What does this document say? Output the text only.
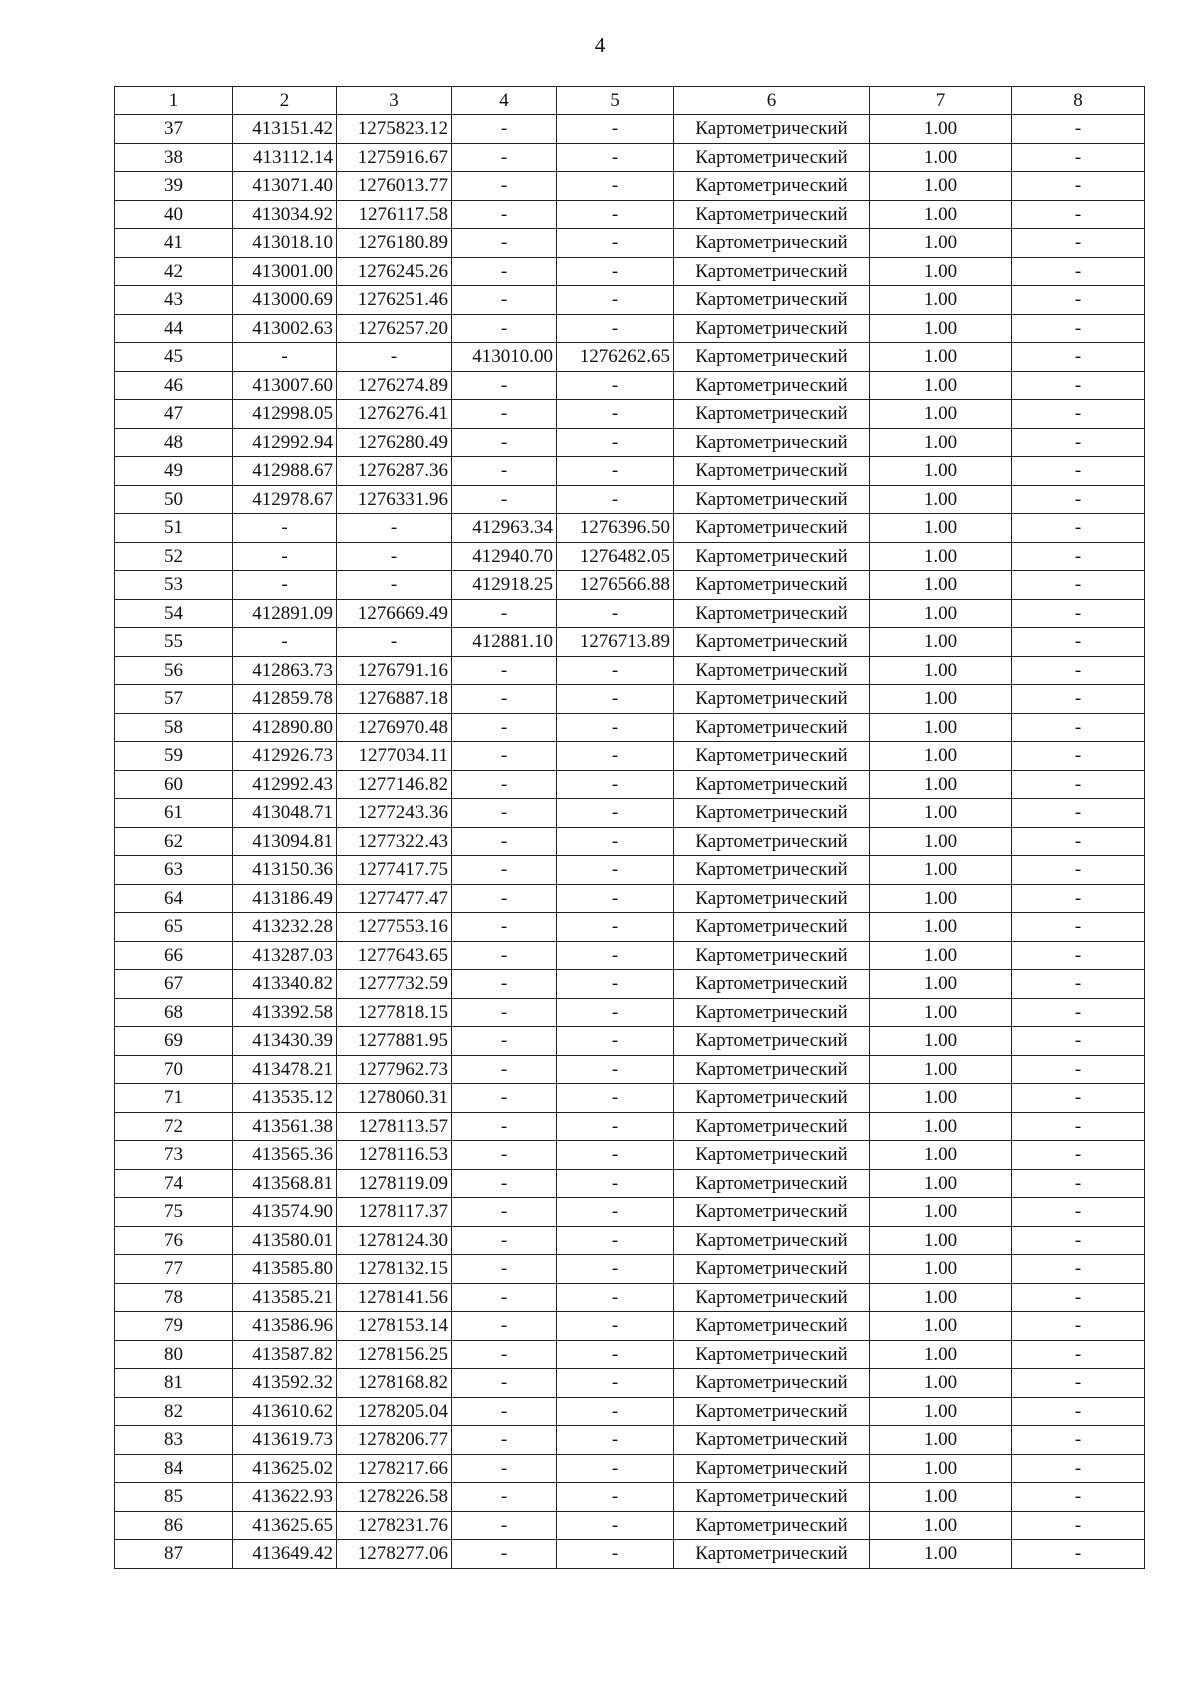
4
1	2	3	4	5	6	7	8
37	413151.42	1275823.12	-	-	Картометрический	1.00	-
38	413112.14	1275916.67	-	-	Картометрический	1.00	-
39	413071.40	1276013.77	-	-	Картометрический	1.00	-
40	413034.92	1276117.58	-	-	Картометрический	1.00	-
41	413018.10	1276180.89	-	-	Картометрический	1.00	-
42	413001.00	1276245.26	-	-	Картометрический	1.00	-
43	413000.69	1276251.46	-	-	Картометрический	1.00	-
44	413002.63	1276257.20	-	-	Картометрический	1.00	-
45	-	-	413010.00	1276262.65	Картометрический	1.00	-
46	413007.60	1276274.89	-	-	Картометрический	1.00	-
47	412998.05	1276276.41	-	-	Картометрический	1.00	-
48	412992.94	1276280.49	-	-	Картометрический	1.00	-
49	412988.67	1276287.36	-	-	Картометрический	1.00	-
50	412978.67	1276331.96	-	-	Картометрический	1.00	-
51	-	-	412963.34	1276396.50	Картометрический	1.00	-
52	-	-	412940.70	1276482.05	Картометрический	1.00	-
53	-	-	412918.25	1276566.88	Картометрический	1.00	-
54	412891.09	1276669.49	-	-	Картометрический	1.00	-
55	-	-	412881.10	1276713.89	Картометрический	1.00	-
56	412863.73	1276791.16	-	-	Картометрический	1.00	-
57	412859.78	1276887.18	-	-	Картометрический	1.00	-
58	412890.80	1276970.48	-	-	Картометрический	1.00	-
59	412926.73	1277034.11	-	-	Картометрический	1.00	-
60	412992.43	1277146.82	-	-	Картометрический	1.00	-
61	413048.71	1277243.36	-	-	Картометрический	1.00	-
62	413094.81	1277322.43	-	-	Картометрический	1.00	-
63	413150.36	1277417.75	-	-	Картометрический	1.00	-
64	413186.49	1277477.47	-	-	Картометрический	1.00	-
65	413232.28	1277553.16	-	-	Картометрический	1.00	-
66	413287.03	1277643.65	-	-	Картометрический	1.00	-
67	413340.82	1277732.59	-	-	Картометрический	1.00	-
68	413392.58	1277818.15	-	-	Картометрический	1.00	-
69	413430.39	1277881.95	-	-	Картометрический	1.00	-
70	413478.21	1277962.73	-	-	Картометрический	1.00	-
71	413535.12	1278060.31	-	-	Картометрический	1.00	-
72	413561.38	1278113.57	-	-	Картометрический	1.00	-
73	413565.36	1278116.53	-	-	Картометрический	1.00	-
74	413568.81	1278119.09	-	-	Картометрический	1.00	-
75	413574.90	1278117.37	-	-	Картометрический	1.00	-
76	413580.01	1278124.30	-	-	Картометрический	1.00	-
77	413585.80	1278132.15	-	-	Картометрический	1.00	-
78	413585.21	1278141.56	-	-	Картометрический	1.00	-
79	413586.96	1278153.14	-	-	Картометрический	1.00	-
80	413587.82	1278156.25	-	-	Картометрический	1.00	-
81	413592.32	1278168.82	-	-	Картометрический	1.00	-
82	413610.62	1278205.04	-	-	Картометрический	1.00	-
83	413619.73	1278206.77	-	-	Картометрический	1.00	-
84	413625.02	1278217.66	-	-	Картометрический	1.00	-
85	413622.93	1278226.58	-	-	Картометрический	1.00	-
86	413625.65	1278231.76	-	-	Картометрический	1.00	-
87	413649.42	1278277.06	-	-	Картометрический	1.00	-
